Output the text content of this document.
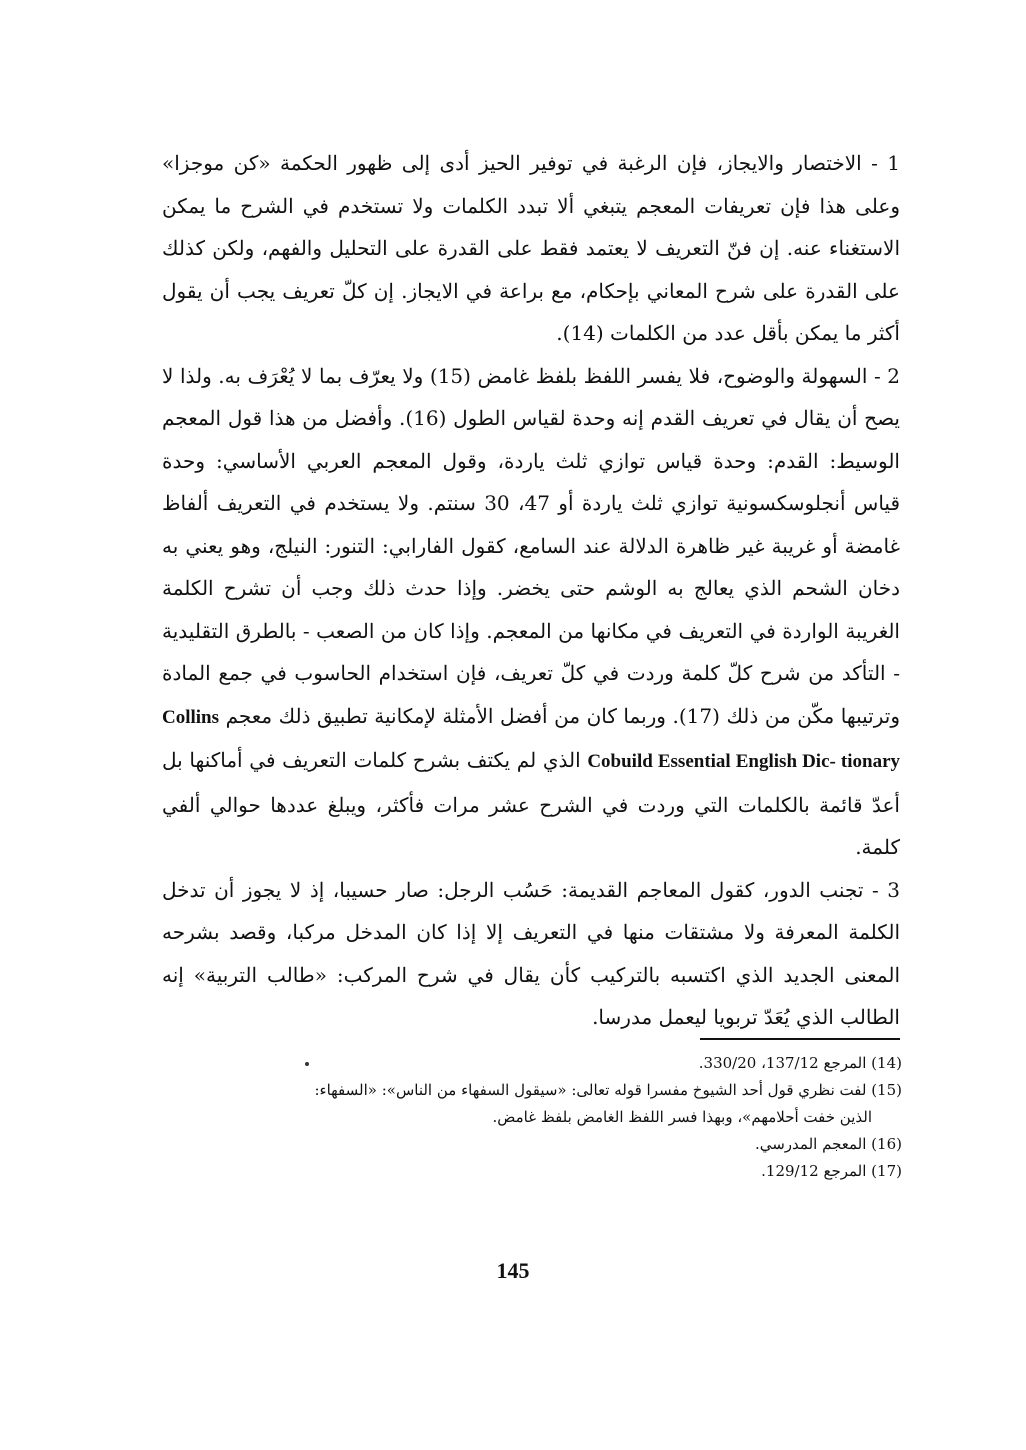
1 - الاختصار والايجاز، فإن الرغبة في توفير الحيز أدى إلى ظهور الحكمة «كن موجزا» وعلى هذا فإن تعريفات المعجم يتبغي ألا تبدد الكلمات ولا تستخدم في الشرح ما يمكن الاستغناء عنه. إن فنّ التعريف لا يعتمد فقط على القدرة على التحليل والفهم، ولكن كذلك على القدرة على شرح المعاني بإحكام، مع براعة في الايجاز. إن كلّ تعريف يجب أن يقول أكثر ما يمكن بأقل عدد من الكلمات (14).

2 - السهولة والوضوح، فلا يفسر اللفظ بلفظ غامض (15) ولا يعرّف بما لا يُعْرَف به. ولذا لا يصح أن يقال في تعريف القدم إنه وحدة لقياس الطول (16). وأفضل من هذا قول المعجم الوسيط: القدم: وحدة قياس توازي ثلث ياردة، وقول المعجم العربي الأساسي: وحدة قياس أنجلوسكسونية توازي ثلث ياردة أو 47، 30 سنتم. ولا يستخدم في التعريف ألفاظ غامضة أو غريبة غير ظاهرة الدلالة عند السامع، كقول الفارابي: التنور: النيلج، وهو يعني به دخان الشحم الذي يعالج به الوشم حتى يخضر. وإذا حدث ذلك وجب أن تشرح الكلمة الغريبة الواردة في التعريف في مكانها من المعجم. وإذا كان من الصعب - بالطرق التقليدية - التأكد من شرح كلّ كلمة وردت في كلّ تعريف، فإن استخدام الحاسوب في جمع المادة وترتيبها مكّن من ذلك (17). وربما كان من أفضل الأمثلة لإمكانية تطبيق ذلك معجم Collins Cobuild Essential English Dic- tionary الذي لم يكتف بشرح كلمات التعريف في أماكنها بل أعدّ قائمة بالكلمات التي وردت في الشرح عشر مرات فأكثر، ويبلغ عددها حوالي ألفي كلمة.

3 - تجنب الدور، كقول المعاجم القديمة: حَسُب الرجل: صار حسيبا، إذ لا يجوز أن تدخل الكلمة المعرفة ولا مشتقات منها في التعريف إلا إذا كان المدخل مركبا، وقصد بشرحه المعنى الجديد الذي اكتسبه بالتركيب كأن يقال في شرح المركب: «طالب التربية» إنه الطالب الذي يُعَدّ تربويا ليعمل مدرسا.

(14) المرجع 137/12، 330/20.

(15) لفت نظري قول أحد الشيوخ مفسرا قوله تعالى: «سيقول السفهاء من الناس»: «السفهاء:

الذين خفت أحلامهم»، وبهذا فسر اللفظ الغامض بلفظ غامض.

(16) المعجم المدرسي.

(17) المرجع 129/12.

145
